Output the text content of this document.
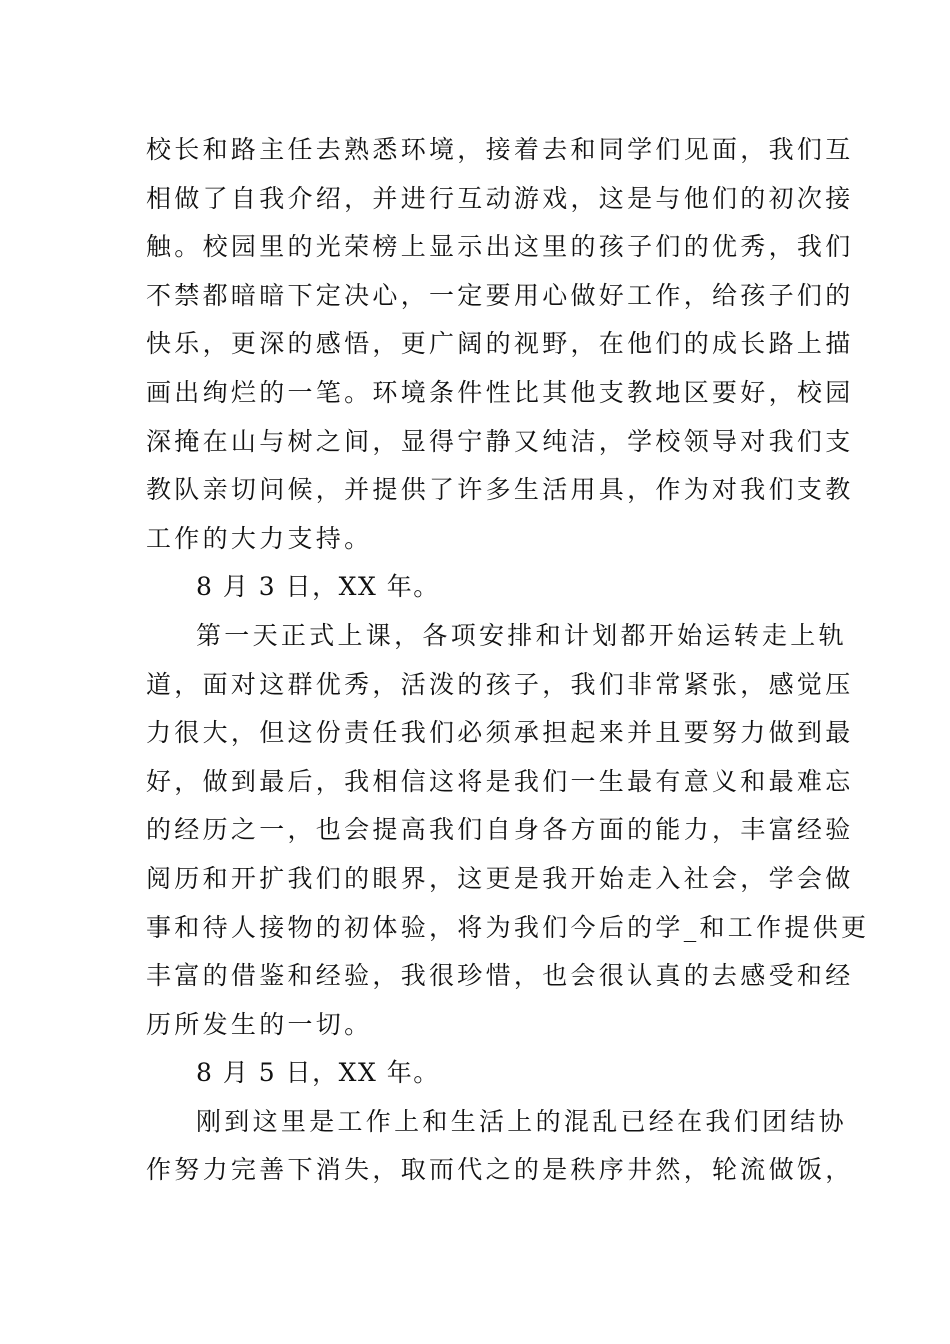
校长和路主任去熟悉环境，接着去和同学们见面，我们互
相做了自我介绍，并进行互动游戏，这是与他们的初次接
触。校园里的光荣榜上显示出这里的孩子们的优秀，我们
不禁都暗暗下定决心，一定要用心做好工作，给孩子们的
快乐，更深的感悟，更广阔的视野，在他们的成长路上描
画出绚烂的一笔。环境条件性比其他支教地区要好，校园
深掩在山与树之间，显得宁静又纯洁，学校领导对我们支
教队亲切问候，并提供了许多生活用具，作为对我们支教
工作的大力支持。
8 月 3 日，XX 年。
第一天正式上课，各项安排和计划都开始运转走上轨
道，面对这群优秀，活泼的孩子，我们非常紧张，感觉压
力很大，但这份责任我们必须承担起来并且要努力做到最
好，做到最后，我相信这将是我们一生最有意义和最难忘
的经历之一，也会提高我们自身各方面的能力，丰富经验
阅历和开扩我们的眼界，这更是我开始走入社会，学会做
事和待人接物的初体验，将为我们今后的学_和工作提供更
丰富的借鉴和经验，我很珍惜，也会很认真的去感受和经
历所发生的一切。
8 月 5 日，XX 年。
刚到这里是工作上和生活上的混乱已经在我们团结协
作努力完善下消失，取而代之的是秩序井然，轮流做饭，
